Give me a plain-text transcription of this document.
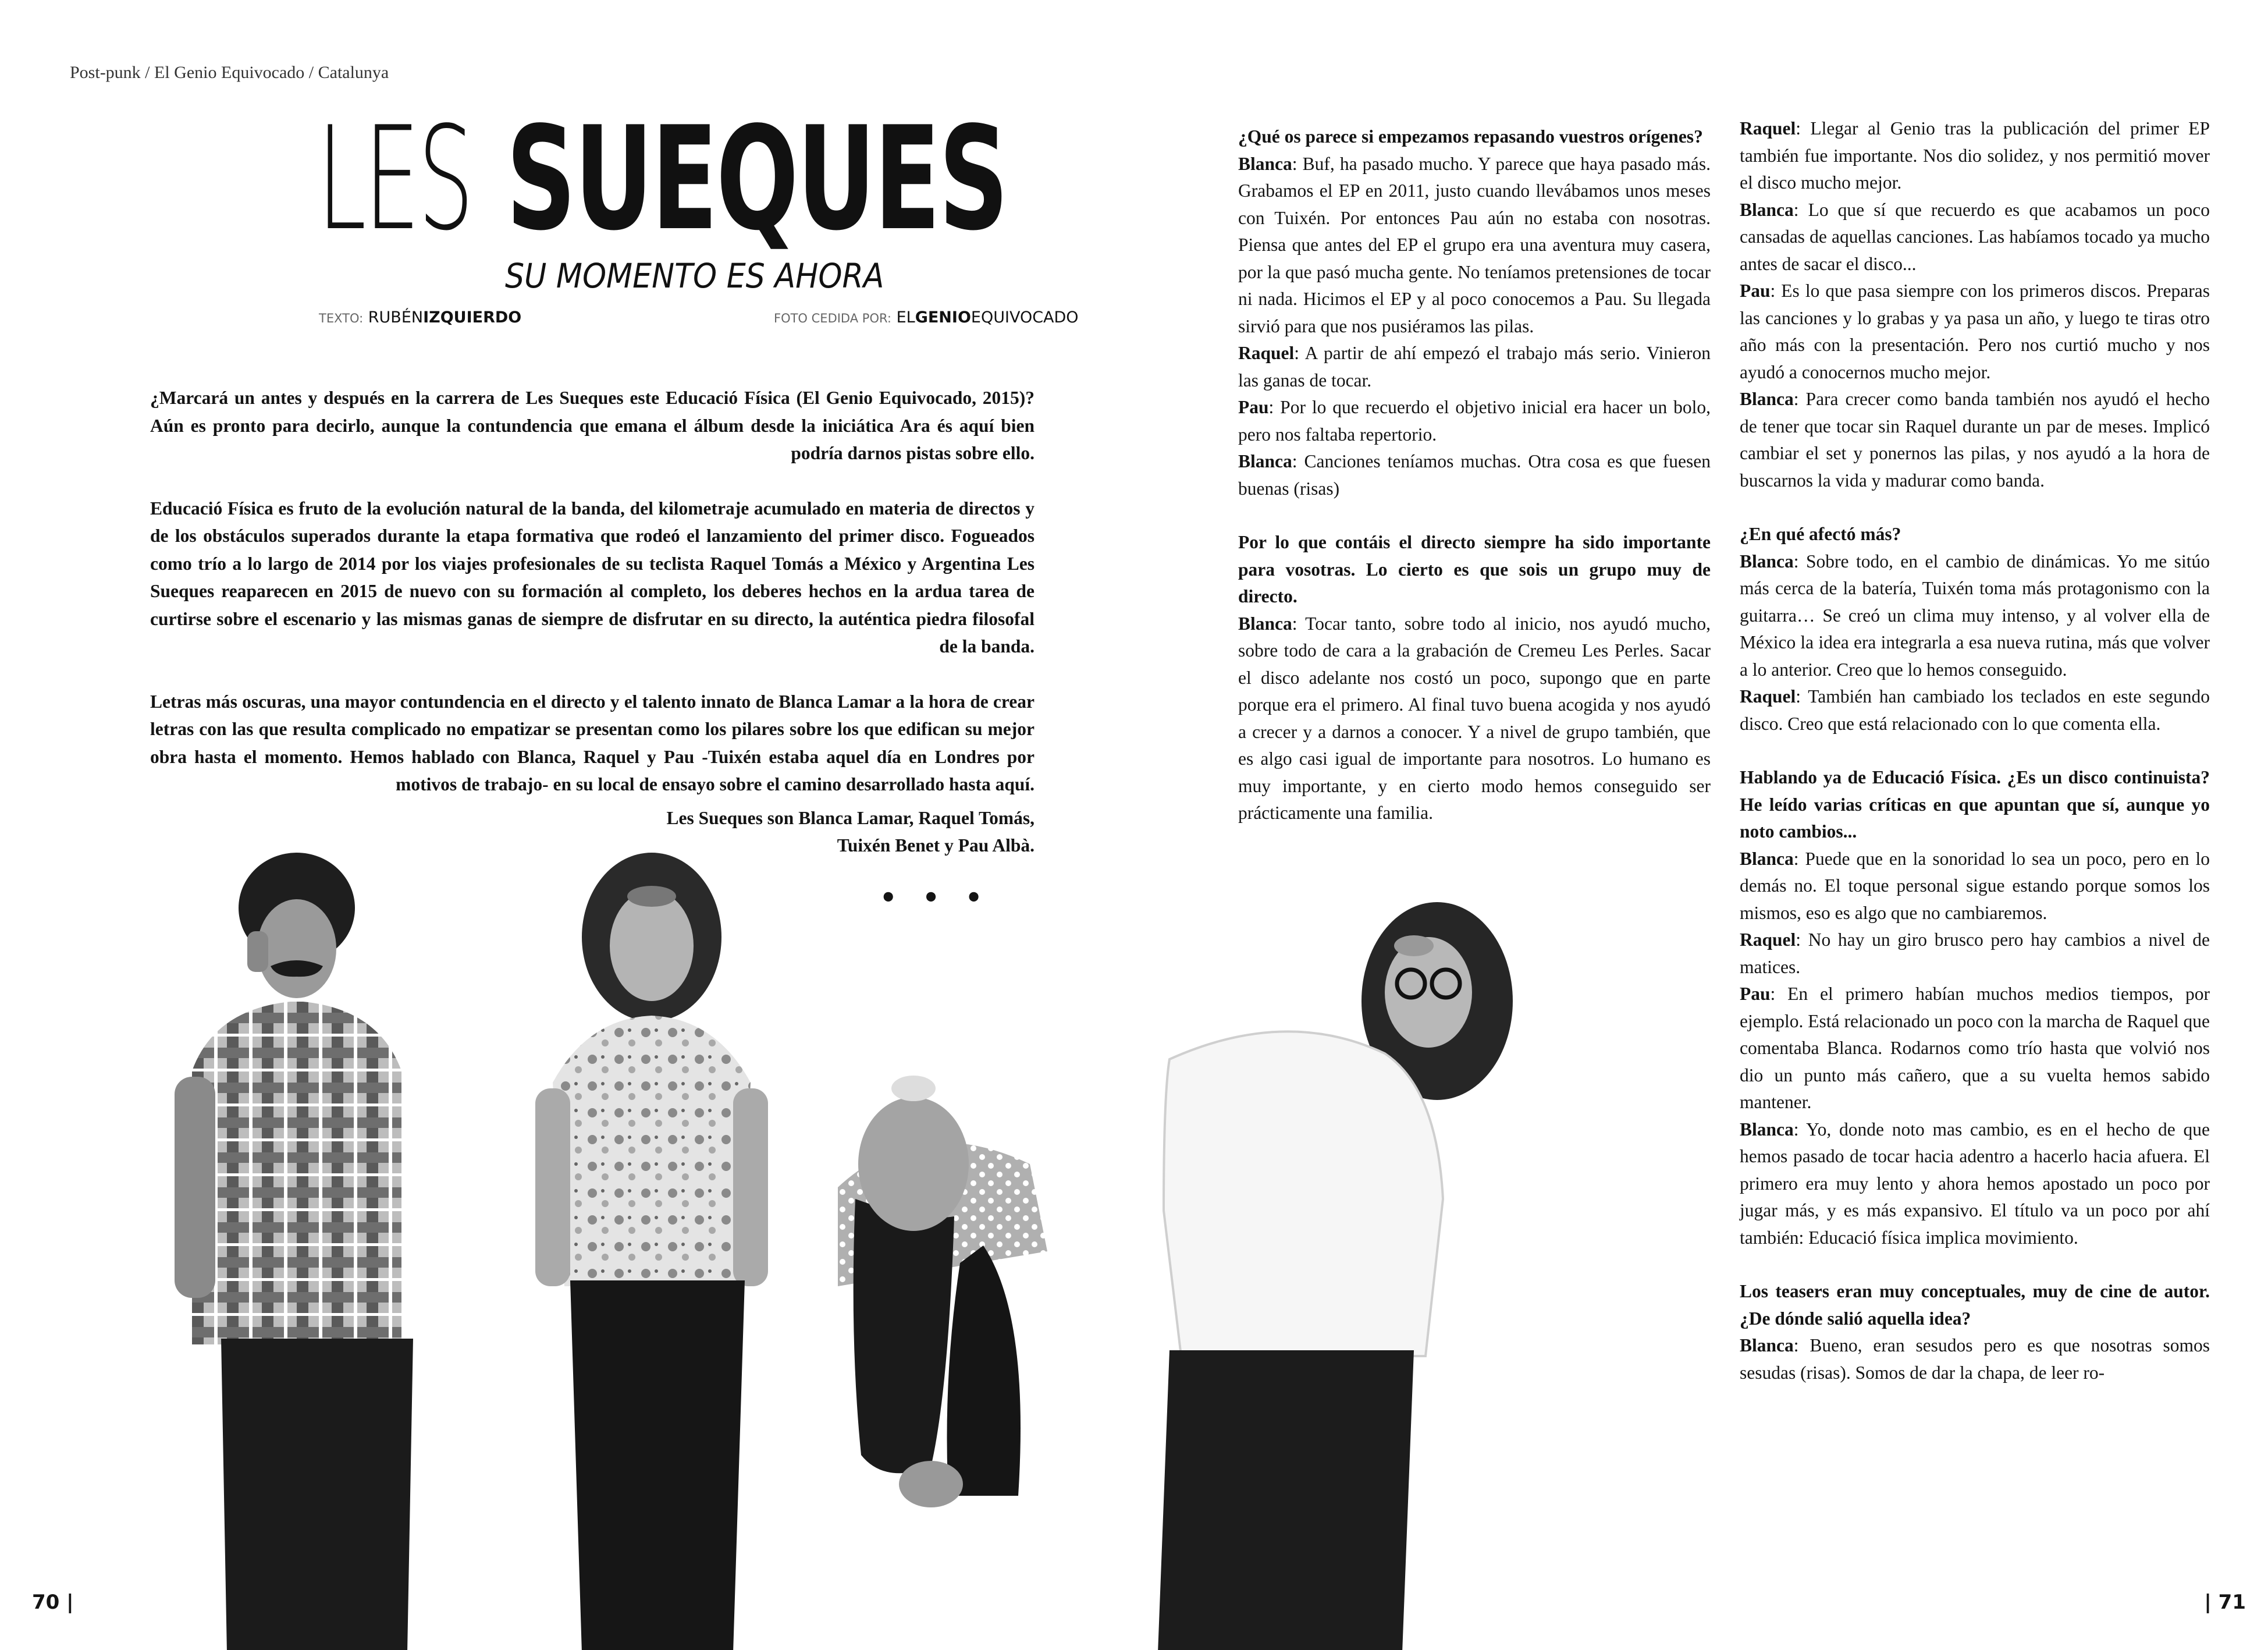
Post-punk / El Genio Equivocado / Catalunya
LES SUEQUES
SU MOMENTO ES AHORA
TEXTO: RUBÉNIZQUIERDO	FOTO CEDIDA POR: ELGENIOEQUIVOCADO

¿Marcará un antes y después en la carrera de Les Sueques este Educació Física (El Genio Equivocado, 2015)? Aún es pronto para decirlo, aunque la contundencia que emana el álbum desde la iniciática Ara és aquí bien podría darnos pistas sobre ello.

Educació Física es fruto de la evolución natural de la banda, del kilometraje acumulado en materia de directos y de los obstáculos superados durante la etapa formativa que rodeó el lanzamiento del primer disco. Fogueados como trío a lo largo de 2014 por los viajes profesionales de su teclista Raquel Tomás a México y Argentina Les Sueques reaparecen en 2015 de nuevo con su formación al completo, los deberes hechos en la ardua tarea de curtirse sobre el escenario y las mismas ganas de siempre de disfrutar en su directo, la auténtica piedra filosofal de la banda.

Letras más oscuras, una mayor contundencia en el directo y el talento innato de Blanca Lamar a la hora de crear letras con las que resulta complicado no empatizar se presentan como los pilares sobre los que edifican su mejor obra hasta el momento. Hemos hablado con Blanca, Raquel y Pau -Tuixén estaba aquel día en Londres por motivos de trabajo- en su local de ensayo sobre el camino desarrollado hasta aquí.

Les Sueques son Blanca Lamar, Raquel Tomás, Tuixén Benet y Pau Albà.

• • •

¿Qué os parece si empezamos repasando vuestros orígenes?

Blanca: Buf, ha pasado mucho. Y parece que haya pasado más. Grabamos el EP en 2011, justo cuando llevábamos unos meses con Tuixén. Por entonces Pau aún no estaba con nosotras. Piensa que antes del EP el grupo era una aventura muy casera, por la que pasó mucha gente. No teníamos pretensiones de tocar ni nada. Hicimos el EP y al poco conocemos a Pau. Su llegada sirvió para que nos pusiéramos las pilas.

Raquel: A partir de ahí empezó el trabajo más serio. Vinieron las ganas de tocar.

Pau: Por lo que recuerdo el objetivo inicial era hacer un bolo, pero nos faltaba repertorio.

Blanca: Canciones teníamos muchas. Otra cosa es que fuesen buenas (risas)

Por lo que contáis el directo siempre ha sido importante para vosotras. Lo cierto es que sois un grupo muy de directo.

Blanca: Tocar tanto, sobre todo al inicio, nos ayudó mucho, sobre todo de cara a la grabación de Cremeu Les Perles. Sacar el disco adelante nos costó un poco, supongo que en parte porque era el primero. Al final tuvo buena acogida y nos ayudó a crecer y a darnos a conocer. Y a nivel de grupo también, que es algo casi igual de importante para nosotros. Lo humano es muy importante, y en cierto modo hemos conseguido ser prácticamente una familia.

Raquel: Llegar al Genio tras la publicación del primer EP también fue importante. Nos dio solidez, y nos permitió mover el disco mucho mejor.

Blanca: Lo que sí que recuerdo es que acabamos un poco cansadas de aquellas canciones. Las habíamos tocado ya mucho antes de sacar el disco...

Pau: Es lo que pasa siempre con los primeros discos. Preparas las canciones y lo grabas y ya pasa un año, y luego te tiras otro año más con la presentación. Pero nos curtió mucho y nos ayudó a conocernos mucho mejor.

Blanca: Para crecer como banda también nos ayudó el hecho de tener que tocar sin Raquel durante un par de meses. Implicó cambiar el set y ponernos las pilas, y nos ayudó a la hora de buscarnos la vida y madurar como banda.

¿En qué afectó más?

Blanca: Sobre todo, en el cambio de dinámicas. Yo me sitúo más cerca de la batería, Tuixén toma más protagonismo con la guitarra… Se creó un clima muy intenso, y al volver ella de México la idea era integrarla a esa nueva rutina, más que volver a lo anterior. Creo que lo hemos conseguido.

Raquel: También han cambiado los teclados en este segundo disco. Creo que está relacionado con lo que comenta ella.

Hablando ya de Educació Física. ¿Es un disco continuista? He leído varias críticas en que apuntan que sí, aunque yo noto cambios...

Blanca: Puede que en la sonoridad lo sea un poco, pero en lo demás no. El toque personal sigue estando porque somos los mismos, eso es algo que no cambiaremos.

Raquel: No hay un giro brusco pero hay cambios a nivel de matices.

Pau: En el primero habían muchos medios tiempos, por ejemplo. Está relacionado un poco con la marcha de Raquel que comentaba Blanca. Rodarnos como trío hasta que volvió nos dio un punto más cañero, que a su vuelta hemos sabido mantener.

Blanca: Yo, donde noto mas cambio, es en el hecho de que hemos pasado de tocar hacia adentro a hacerlo hacia afuera. El primero era muy lento y ahora hemos apostado un poco por jugar más, y es más expansivo. El título va un poco por ahí también: Educació física implica movimiento.

Los teasers eran muy conceptuales, muy de cine de autor. ¿De dónde salió aquella idea?

Blanca: Bueno, eran sesudos pero es que nosotras somos sesudas (risas). Somos de dar la chapa, de leer ro-

70 |	| 71
